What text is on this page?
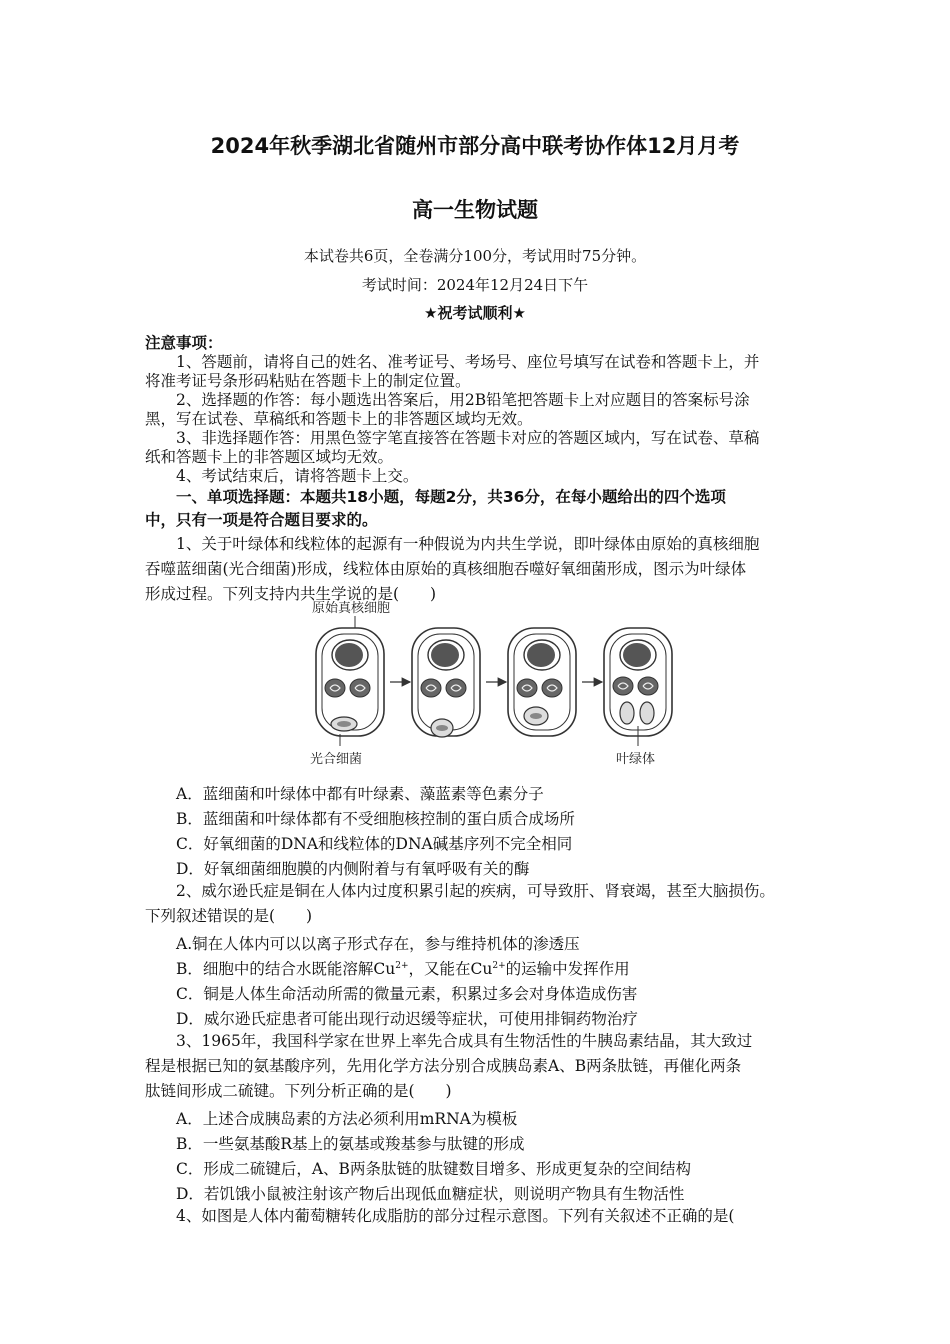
2024年秋季湖北省随州市部分高中联考协作体12月月考
高一生物试题
本试卷共6页，全卷满分100分，考试用时75分钟。
考试时间：2024年12月24日下午
★祝考试顺利★
注意事项：
1、答题前，请将自己的姓名、准考证号、考场号、座位号填写在试卷和答题卡上，并
将准考证号条形码粘贴在答题卡上的制定位置。
2、选择题的作答：每小题选出答案后，用2B铅笔把答题卡上对应题目的答案标号涂
黑，写在试卷、草稿纸和答题卡上的非答题区域均无效。
3、非选择题作答：用黑色签字笔直接答在答题卡对应的答题区域内，写在试卷、草稿
纸和答题卡上的非答题区域均无效。
4、考试结束后，请将答题卡上交。
一、单项选择题：本题共18小题，每题2分，共36分，在每小题给出的四个选项
中，只有一项是符合题目要求的。
1、关于叶绿体和线粒体的起源有一种假说为内共生学说，即叶绿体由原始的真核细胞
吞噬蓝细菌(光合细菌)形成，线粒体由原始的真核细胞吞噬好氧细菌形成，图示为叶绿体
形成过程。下列支持内共生学说的是(　　)
原始真核细胞
光合细菌	叶绿体
A．蓝细菌和叶绿体中都有叶绿素、藻蓝素等色素分子
B．蓝细菌和叶绿体都有不受细胞核控制的蛋白质合成场所
C．好氧细菌的DNA和线粒体的DNA碱基序列不完全相同
D．好氧细菌细胞膜的内侧附着与有氧呼吸有关的酶
2、威尔逊氏症是铜在人体内过度积累引起的疾病，可导致肝、肾衰竭，甚至大脑损伤。
下列叙述错误的是(　　)
A.铜在人体内可以以离子形式存在，参与维持机体的渗透压
B．细胞中的结合水既能溶解$Cu^{2+}$，又能在$Cu^{2+}$的运输中发挥作用
C．铜是人体生命活动所需的微量元素，积累过多会对身体造成伤害
D．威尔逊氏症患者可能出现行动迟缓等症状，可使用排铜药物治疗
3、1965年，我国科学家在世界上率先合成具有生物活性的牛胰岛素结晶，其大致过
程是根据已知的氨基酸序列，先用化学方法分别合成胰岛素A、B两条肽链，再催化两条
肽链间形成二硫键。下列分析正确的是(　　)
A．上述合成胰岛素的方法必须利用mRNA为模板
B．一些氨基酸R基上的氨基或羧基参与肽键的形成
C．形成二硫键后，A、B两条肽链的肽键数目增多、形成更复杂的空间结构
D．若饥饿小鼠被注射该产物后出现低血糖症状，则说明产物具有生物活性
4、如图是人体内葡萄糖转化成脂肪的部分过程示意图。下列有关叙述不正确的是(
